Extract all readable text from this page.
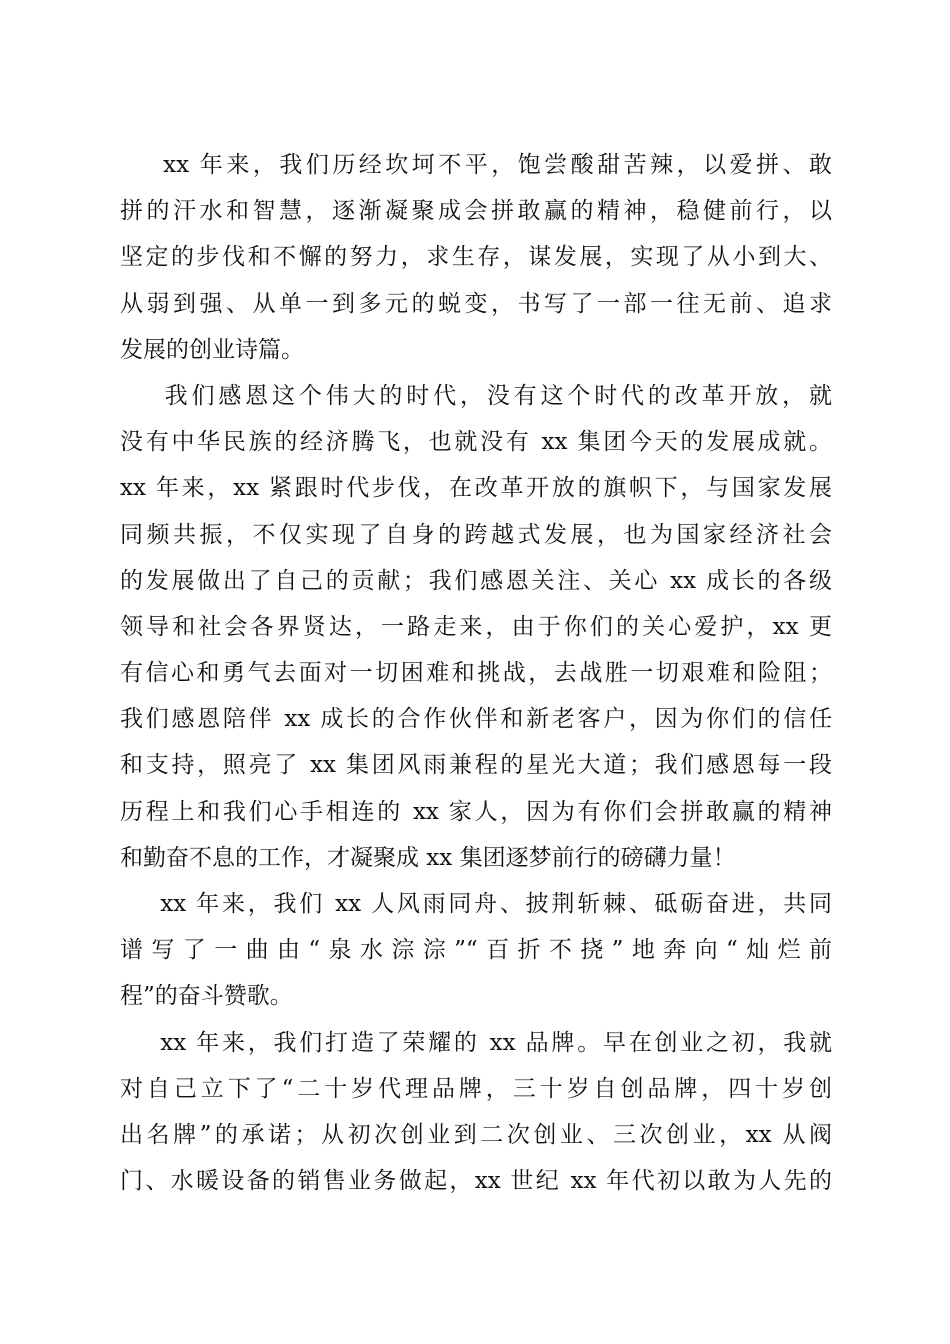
xx 年来，我们历经坎坷不平，饱尝酸甜苦辣，以爱拼、敢
拼的汗水和智慧，逐渐凝聚成会拼敢赢的精神，稳健前行，以
坚定的步伐和不懈的努力，求生存，谋发展，实现了从小到大、
从弱到强、从单一到多元的蜕变，书写了一部一往无前、追求
发展的创业诗篇。
我们感恩这个伟大的时代，没有这个时代的改革开放，就
没有中华民族的经济腾飞，也就没有 xx 集团今天的发展成就。
xx 年来，xx 紧跟时代步伐，在改革开放的旗帜下，与国家发展
同频共振，不仅实现了自身的跨越式发展，也为国家经济社会
的发展做出了自己的贡献；我们感恩关注、关心 xx 成长的各级
领导和社会各界贤达，一路走来，由于你们的关心爱护，xx 更
有信心和勇气去面对一切困难和挑战，去战胜一切艰难和险阻；
我们感恩陪伴 xx 成长的合作伙伴和新老客户，因为你们的信任
和支持，照亮了 xx 集团风雨兼程的星光大道；我们感恩每一段
历程上和我们心手相连的 xx 家人，因为有你们会拼敢赢的精神
和勤奋不息的工作，才凝聚成 xx 集团逐梦前行的磅礴力量！
xx 年来，我们 xx 人风雨同舟、披荆斩棘、砥砺奋进，共同
谱写了一曲由“泉水淙淙”“百折不挠”地奔向“灿烂前
程”的奋斗赞歌。
xx 年来，我们打造了荣耀的 xx 品牌。早在创业之初，我就
对自己立下了“二十岁代理品牌，三十岁自创品牌，四十岁创
出名牌”的承诺；从初次创业到二次创业、三次创业，xx 从阀
门、水暖设备的销售业务做起，xx 世纪 xx 年代初以敢为人先的
